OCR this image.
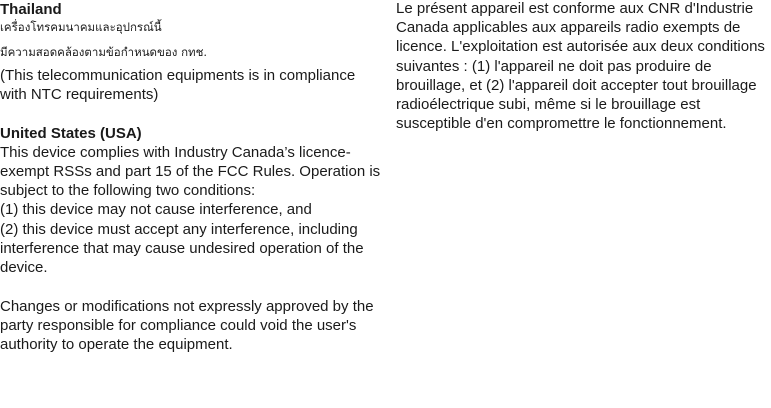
Thailand

เครื่องโทรคมนาคมและอุปกรณ์นี้

มีความสอดคล้องตามข้อกำหนดของ กทช.

(This telecommunication equipments is in compliance with NTC requirements)

United States (USA)

This device complies with Industry Canada’s licence-exempt RSSs and part 15 of the FCC Rules. Operation is subject to the following two conditions:

(1) this device may not cause interference, and

(2) this device must accept any interference, including interference that may cause undesired operation of the device.

Changes or modifications not expressly approved by the party responsible for compliance could void the user's authority to operate the equipment.

Le présent appareil est conforme aux CNR d'Industrie Canada applicables aux appareils radio exempts de licence. L'exploitation est autorisée aux deux conditions suivantes : (1) l'appareil ne doit pas produire de brouillage, et (2) l'appareil doit accepter tout brouillage radioélectrique subi, même si le brouillage est susceptible d'en compromettre le fonctionnement.
